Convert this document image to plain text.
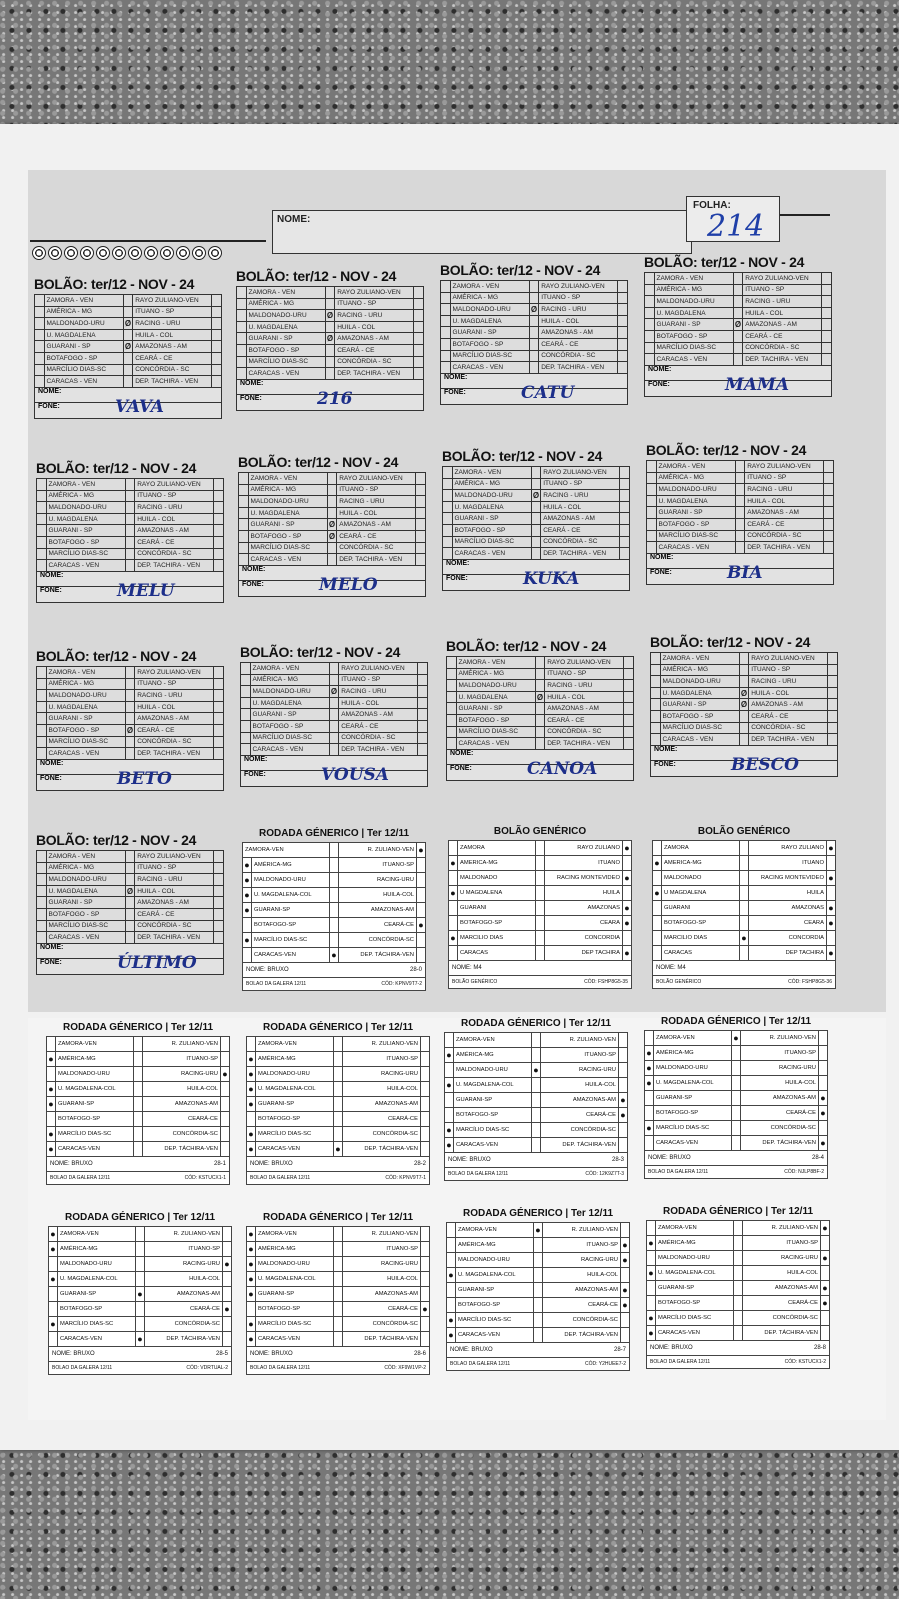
NOME:
FOLHA:
214
BOLÃO: ter/12 - NOV - 24
	ZAMORA - VEN		RAYO ZULIANO-VEN	
	AMÉRICA - MG		ITUANO - SP	
	MALDONADO-URU	Ø	RACING - URU	
	U. MAGDALENA		HUILA - COL	
	GUARANI - SP	Ø	AMAZONAS - AM	
	BOTAFOGO - SP		CEARÁ - CE	
	MARCÍLIO DIAS-SC		CONCÓRDIA - SC	
	CARACAS - VEN		DEP. TACHIRA - VEN	
NOME:
FONE:	VAVA
BOLÃO: ter/12 - NOV - 24
	ZAMORA - VEN		RAYO ZULIANO-VEN	
	AMÉRICA - MG		ITUANO - SP	
	MALDONADO-URU	Ø	RACING - URU	
	U. MAGDALENA		HUILA - COL	
	GUARANI - SP	Ø	AMAZONAS - AM	
	BOTAFOGO - SP		CEARÁ - CE	
	MARCÍLIO DIAS-SC		CONCÓRDIA - SC	
	CARACAS - VEN		DEP. TACHIRA - VEN	
NOME:
FONE:	216
BOLÃO: ter/12 - NOV - 24
	ZAMORA - VEN		RAYO ZULIANO-VEN	
	AMÉRICA - MG		ITUANO - SP	
	MALDONADO-URU	Ø	RACING - URU	
	U. MAGDALENA		HUILA - COL	
	GUARANI - SP		AMAZONAS - AM	
	BOTAFOGO - SP		CEARÁ - CE	
	MARCÍLIO DIAS-SC		CONCÓRDIA - SC	
	CARACAS - VEN		DEP. TACHIRA - VEN	
NOME:
FONE:	CATU
BOLÃO: ter/12 - NOV - 24
	ZAMORA - VEN		RAYO ZULIANO-VEN	
	AMÉRICA - MG		ITUANO - SP	
	MALDONADO-URU		RACING - URU	
	U. MAGDALENA		HUILA - COL	
	GUARANI - SP	Ø	AMAZONAS - AM	
	BOTAFOGO - SP		CEARÁ - CE	
	MARCÍLIO DIAS-SC		CONCÓRDIA - SC	
	CARACAS - VEN		DEP. TACHIRA - VEN	
NOME:
FONE:	MAMA
BOLÃO: ter/12 - NOV - 24
	ZAMORA - VEN		RAYO ZULIANO-VEN	
	AMÉRICA - MG		ITUANO - SP	
	MALDONADO-URU		RACING - URU	
	U. MAGDALENA		HUILA - COL	
	GUARANI - SP		AMAZONAS - AM	
	BOTAFOGO - SP		CEARÁ - CE	
	MARCÍLIO DIAS-SC		CONCÓRDIA - SC	
	CARACAS - VEN		DEP. TACHIRA - VEN	
NOME:
FONE:	MELU
BOLÃO: ter/12 - NOV - 24
	ZAMORA - VEN		RAYO ZULIANO-VEN	
	AMÉRICA - MG		ITUANO - SP	
	MALDONADO-URU		RACING - URU	
	U. MAGDALENA		HUILA - COL	
	GUARANI - SP	Ø	AMAZONAS - AM	
	BOTAFOGO - SP	Ø	CEARÁ - CE	
	MARCÍLIO DIAS-SC		CONCÓRDIA - SC	
	CARACAS - VEN		DEP. TACHIRA - VEN	
NOME:
FONE:	MELO
BOLÃO: ter/12 - NOV - 24
	ZAMORA - VEN		RAYO ZULIANO-VEN	
	AMÉRICA - MG		ITUANO - SP	
	MALDONADO-URU	Ø	RACING - URU	
	U. MAGDALENA		HUILA - COL	
	GUARANI - SP		AMAZONAS - AM	
	BOTAFOGO - SP		CEARÁ - CE	
	MARCÍLIO DIAS-SC		CONCÓRDIA - SC	
	CARACAS - VEN		DEP. TACHIRA - VEN	
NOME:
FONE:	KUKA
BOLÃO: ter/12 - NOV - 24
	ZAMORA - VEN		RAYO ZULIANO-VEN	
	AMÉRICA - MG		ITUANO - SP	
	MALDONADO-URU		RACING - URU	
	U. MAGDALENA		HUILA - COL	
	GUARANI - SP		AMAZONAS - AM	
	BOTAFOGO - SP		CEARÁ - CE	
	MARCÍLIO DIAS-SC		CONCÓRDIA - SC	
	CARACAS - VEN		DEP. TACHIRA - VEN	
NOME:
FONE:	BIA
BOLÃO: ter/12 - NOV - 24
	ZAMORA - VEN		RAYO ZULIANO-VEN	
	AMÉRICA - MG		ITUANO - SP	
	MALDONADO-URU		RACING - URU	
	U. MAGDALENA		HUILA - COL	
	GUARANI - SP		AMAZONAS - AM	
	BOTAFOGO - SP	Ø	CEARÁ - CE	
	MARCÍLIO DIAS-SC		CONCÓRDIA - SC	
	CARACAS - VEN		DEP. TACHIRA - VEN	
NOME:
FONE:	BETO
BOLÃO: ter/12 - NOV - 24
	ZAMORA - VEN		RAYO ZULIANO-VEN	
	AMÉRICA - MG		ITUANO - SP	
	MALDONADO-URU	Ø	RACING - URU	
	U. MAGDALENA		HUILA - COL	
	GUARANI - SP		AMAZONAS - AM	
	BOTAFOGO - SP		CEARÁ - CE	
	MARCÍLIO DIAS-SC		CONCÓRDIA - SC	
	CARACAS - VEN		DEP. TACHIRA - VEN	
NOME:
FONE:	VOUSA
BOLÃO: ter/12 - NOV - 24
	ZAMORA - VEN		RAYO ZULIANO-VEN	
	AMÉRICA - MG		ITUANO - SP	
	MALDONADO-URU		RACING - URU	
	U. MAGDALENA	Ø	HUILA - COL	
	GUARANI - SP		AMAZONAS - AM	
	BOTAFOGO - SP		CEARÁ - CE	
	MARCÍLIO DIAS-SC		CONCÓRDIA - SC	
	CARACAS - VEN		DEP. TACHIRA - VEN	
NOME:
FONE:	CANOA
BOLÃO: ter/12 - NOV - 24
	ZAMORA - VEN		RAYO ZULIANO-VEN	
	AMÉRICA - MG		ITUANO - SP	
	MALDONADO-URU		RACING - URU	
	U. MAGDALENA	Ø	HUILA - COL	
	GUARANI - SP	Ø	AMAZONAS - AM	
	BOTAFOGO - SP		CEARÁ - CE	
	MARCÍLIO DIAS-SC		CONCÓRDIA - SC	
	CARACAS - VEN		DEP. TACHIRA - VEN	
NOME:
FONE:	BESCO
BOLÃO: ter/12 - NOV - 24
	ZAMORA - VEN		RAYO ZULIANO-VEN	
	AMÉRICA - MG		ITUANO - SP	
	MALDONADO-URU		RACING - URU	
	U. MAGDALENA	Ø	HUILA - COL	
	GUARANI - SP		AMAZONAS - AM	
	BOTAFOGO - SP		CEARÁ - CE	
	MARCÍLIO DIAS-SC		CONCÓRDIA - SC	
	CARACAS - VEN		DEP. TACHIRA - VEN	
NOME:
FONE:	ÚLTIMO
RODADA GÉNERICO | Ter 12/11
ZAMORA-VEN			R. ZULIANO-VEN	●
●	AMÉRICA-MG		ITUANO-SP	
●	MALDONADO-URU		RACING-URU	
●	U. MAGDALENA-COL		HUILA-COL	
●	GUARANI-SP		AMAZONAS-AM	
	BOTAFOGO-SP		CEARÁ-CE	●
●	MARCÍLIO DIAS-SC		CONCÓRDIA-SC	
	CARACAS-VEN	●	DEP. TÁCHIRA-VEN	
NOME: BRUXO	28-0
BOLAO DA GALERA 12/11	CÓD: KPNV9T7-2
BOLÃO GENÉRICO
	ZAMORA		RAYO ZULIANO	●
●	AMERICA-MG		ITUANO	
	MALDONADO		RACING MONTEVIDEO	●
●	U MAGDALENA		HUILA	
	GUARANI		AMAZONAS	●
	BOTAFOGO-SP		CEARA	●
●	MARCILIO DIAS		CONCORDIA	
	CARACAS		DEP TACHIRA	●
NOME: M4
BOLÃO GENÉRICO	CÓD: FSHP8G5-35
BOLÃO GENÉRICO
	ZAMORA		RAYO ZULIANO	●
●	AMERICA-MG		ITUANO	
	MALDONADO		RACING MONTEVIDEO	●
●	U MAGDALENA		HUILA	
	GUARANI		AMAZONAS	●
	BOTAFOGO-SP		CEARA	●
	MARCILIO DIAS	●	CONCORDIA	
	CARACAS		DEP TACHIRA	●
NOME: M4
BOLÃO GENÉRICO	CÓD: FSHP8G5-36
RODADA GÉNERICO | Ter 12/11
	ZAMORA-VEN		R. ZULIANO-VEN	
●	AMÉRICA-MG		ITUANO-SP	
	MALDONADO-URU		RACING-URU	●
●	U. MAGDALENA-COL		HUILA-COL	
●	GUARANI-SP		AMAZONAS-AM	
	BOTAFOGO-SP		CEARÁ-CE	
●	MARCÍLIO DIAS-SC		CONCÓRDIA-SC	
●	CARACAS-VEN		DEP. TÁCHIRA-VEN	
NOME: BRUXO	28-1
BOLAO DA GALERA 12/11	CÓD: KSTUCX1-1
RODADA GÉNERICO | Ter 12/11
	ZAMORA-VEN		R. ZULIANO-VEN	
●	AMÉRICA-MG		ITUANO-SP	
●	MALDONADO-URU		RACING-URU	
●	U. MAGDALENA-COL		HUILA-COL	
●	GUARANI-SP		AMAZONAS-AM	
	BOTAFOGO-SP		CEARÁ-CE	
●	MARCÍLIO DIAS-SC		CONCÓRDIA-SC	
●	CARACAS-VEN	●	DEP. TÁCHIRA-VEN	
NOME: BRUXO	28-2
BOLAO DA GALERA 12/11	CÓD: KPNV9T7-1
RODADA GÉNERICO | Ter 12/11
	ZAMORA-VEN		R. ZULIANO-VEN	
●	AMÉRICA-MG		ITUANO-SP	
	MALDONADO-URU	●	RACING-URU	
●	U. MAGDALENA-COL		HUILA-COL	
	GUARANI-SP		AMAZONAS-AM	●
	BOTAFOGO-SP		CEARÁ-CE	●
●	MARCÍLIO DIAS-SC		CONCÓRDIA-SC	
●	CARACAS-VEN		DEP. TÁCHIRA-VEN	
NOME: BRUXO	28-3
BOLAO DA GALERA 12/11	CÓD: 12K9Z7T-3
RODADA GÉNERICO | Ter 12/11
	ZAMORA-VEN	●	R. ZULIANO-VEN	
●	AMÉRICA-MG		ITUANO-SP	
●	MALDONADO-URU		RACING-URU	
●	U. MAGDALENA-COL		HUILA-COL	
	GUARANI-SP		AMAZONAS-AM	●
	BOTAFOGO-SP		CEARÁ-CE	●
●	MARCÍLIO DIAS-SC		CONCÓRDIA-SC	
	CARACAS-VEN		DEP. TÁCHIRA-VEN	●
NOME: BRUXO	28-4
BOLAO DA GALERA 12/11	CÓD: NJLP8BF-2
RODADA GÉNERICO | Ter 12/11
●	ZAMORA-VEN		R. ZULIANO-VEN	
●	AMÉRICA-MG		ITUANO-SP	
	MALDONADO-URU		RACING-URU	●
●	U. MAGDALENA-COL		HUILA-COL	
	GUARANI-SP	●	AMAZONAS-AM	
	BOTAFOGO-SP		CEARÁ-CE	●
●	MARCÍLIO DIAS-SC		CONCÓRDIA-SC	
	CARACAS-VEN	●	DEP. TÁCHIRA-VEN	
NOME: BRUXO	28-5
BOLAO DA GALERA 12/11	CÓD: VDRTUAL-2
RODADA GÉNERICO | Ter 12/11
●	ZAMORA-VEN		R. ZULIANO-VEN	
●	AMÉRICA-MG		ITUANO-SP	
●	MALDONADO-URU		RACING-URU	
●	U. MAGDALENA-COL		HUILA-COL	
●	GUARANI-SP		AMAZONAS-AM	
	BOTAFOGO-SP		CEARÁ-CE	●
●	MARCÍLIO DIAS-SC		CONCÓRDIA-SC	
●	CARACAS-VEN		DEP. TÁCHIRA-VEN	
NOME: BRUXO	28-6
BOLAO DA GALERA 12/11	CÓD: XF9W1VP-2
RODADA GÉNERICO | Ter 12/11
	ZAMORA-VEN	●	R. ZULIANO-VEN	
	AMÉRICA-MG		ITUANO-SP	●
	MALDONADO-URU		RACING-URU	●
●	U. MAGDALENA-COL		HUILA-COL	
	GUARANI-SP		AMAZONAS-AM	●
	BOTAFOGO-SP		CEARÁ-CE	●
●	MARCÍLIO DIAS-SC		CONCÓRDIA-SC	
●	CARACAS-VEN		DEP. TÁCHIRA-VEN	
NOME: BRUXO	28-7
BOLAO DA GALERA 12/11	CÓD: Y2HUEE7-2
RODADA GÉNERICO | Ter 12/11
	ZAMORA-VEN		R. ZULIANO-VEN	●
●	AMÉRICA-MG		ITUANO-SP	
	MALDONADO-URU		RACING-URU	●
●	U. MAGDALENA-COL		HUILA-COL	
	GUARANI-SP		AMAZONAS-AM	●
	BOTAFOGO-SP		CEARÁ-CE	●
●	MARCÍLIO DIAS-SC		CONCÓRDIA-SC	
●	CARACAS-VEN		DEP. TÁCHIRA-VEN	
NOME: BRUXO	28-8
BOLAO DA GALERA 12/11	CÓD: KSTUCX1-2
